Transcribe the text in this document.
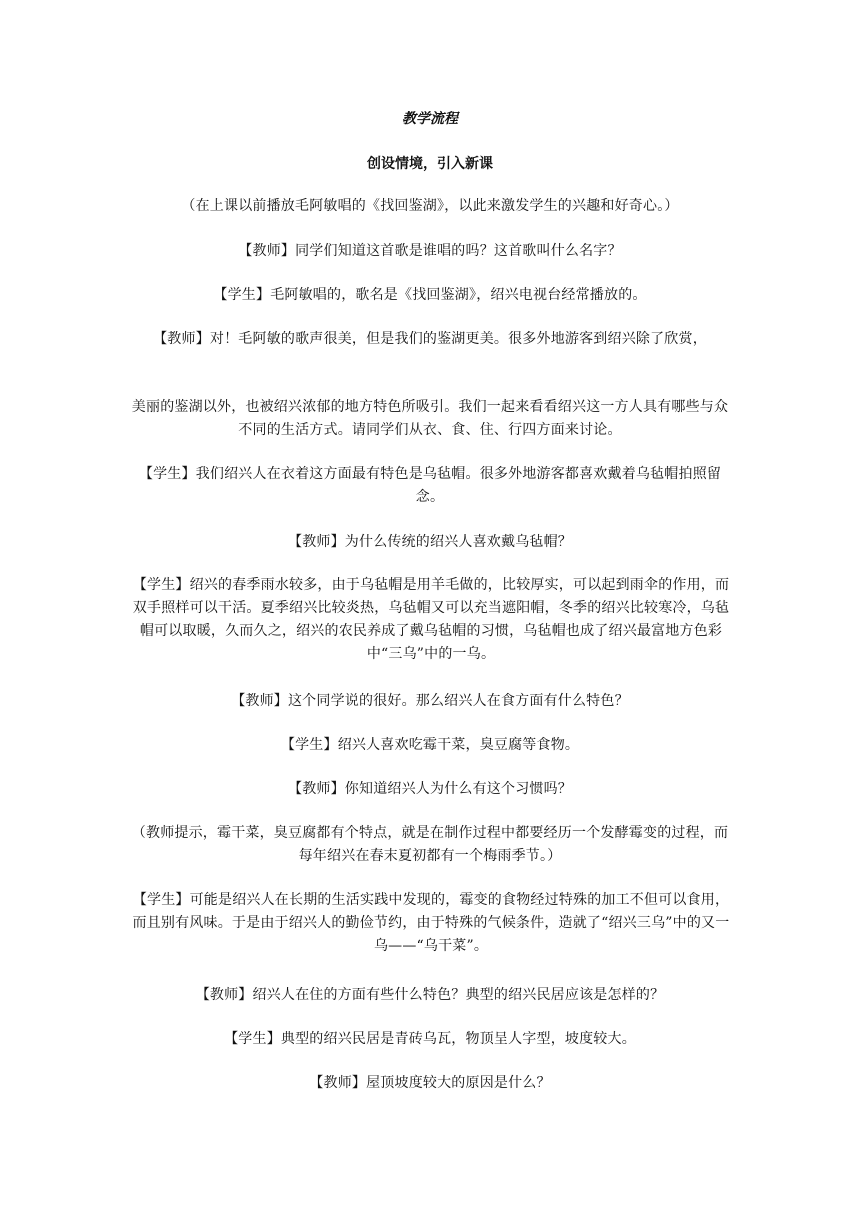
教学流程
创设情境，引入新课
（在上课以前播放毛阿敏唱的《找回鉴湖》，以此来激发学生的兴趣和好奇心。）
【教师】同学们知道这首歌是谁唱的吗？这首歌叫什么名字？
【学生】毛阿敏唱的，歌名是《找回鉴湖》，绍兴电视台经常播放的。
【教师】对！毛阿敏的歌声很美，但是我们的鉴湖更美。很多外地游客到绍兴除了欣赏，
美丽的鉴湖以外，也被绍兴浓郁的地方特色所吸引。我们一起来看看绍兴这一方人具有哪些与众不同的生活方式。请同学们从衣、食、住、行四方面来讨论。
【学生】我们绍兴人在衣着这方面最有特色是乌毡帽。很多外地游客都喜欢戴着乌毡帽拍照留念。
【教师】为什么传统的绍兴人喜欢戴乌毡帽？
【学生】绍兴的春季雨水较多，由于乌毡帽是用羊毛做的，比较厚实，可以起到雨伞的作用，而双手照样可以干活。夏季绍兴比较炎热，乌毡帽又可以充当遮阳帽，冬季的绍兴比较寒冷，乌毡帽可以取暖，久而久之，绍兴的农民养成了戴乌毡帽的习惯，乌毡帽也成了绍兴最富地方色彩中“三乌”中的一乌。
【教师】这个同学说的很好。那么绍兴人在食方面有什么特色？
【学生】绍兴人喜欢吃霉干菜，臭豆腐等食物。
【教师】你知道绍兴人为什么有这个习惯吗？
（教师提示，霉干菜，臭豆腐都有个特点，就是在制作过程中都要经历一个发酵霉变的过程，而每年绍兴在春末夏初都有一个梅雨季节。）
【学生】可能是绍兴人在长期的生活实践中发现的，霉变的食物经过特殊的加工不但可以食用，而且别有风味。于是由于绍兴人的勤俭节约，由于特殊的气候条件，造就了“绍兴三乌”中的又一乌——“乌干菜”。
【教师】绍兴人在住的方面有些什么特色？典型的绍兴民居应该是怎样的？
【学生】典型的绍兴民居是青砖乌瓦，物顶呈人字型，坡度较大。
【教师】屋顶坡度较大的原因是什么？
